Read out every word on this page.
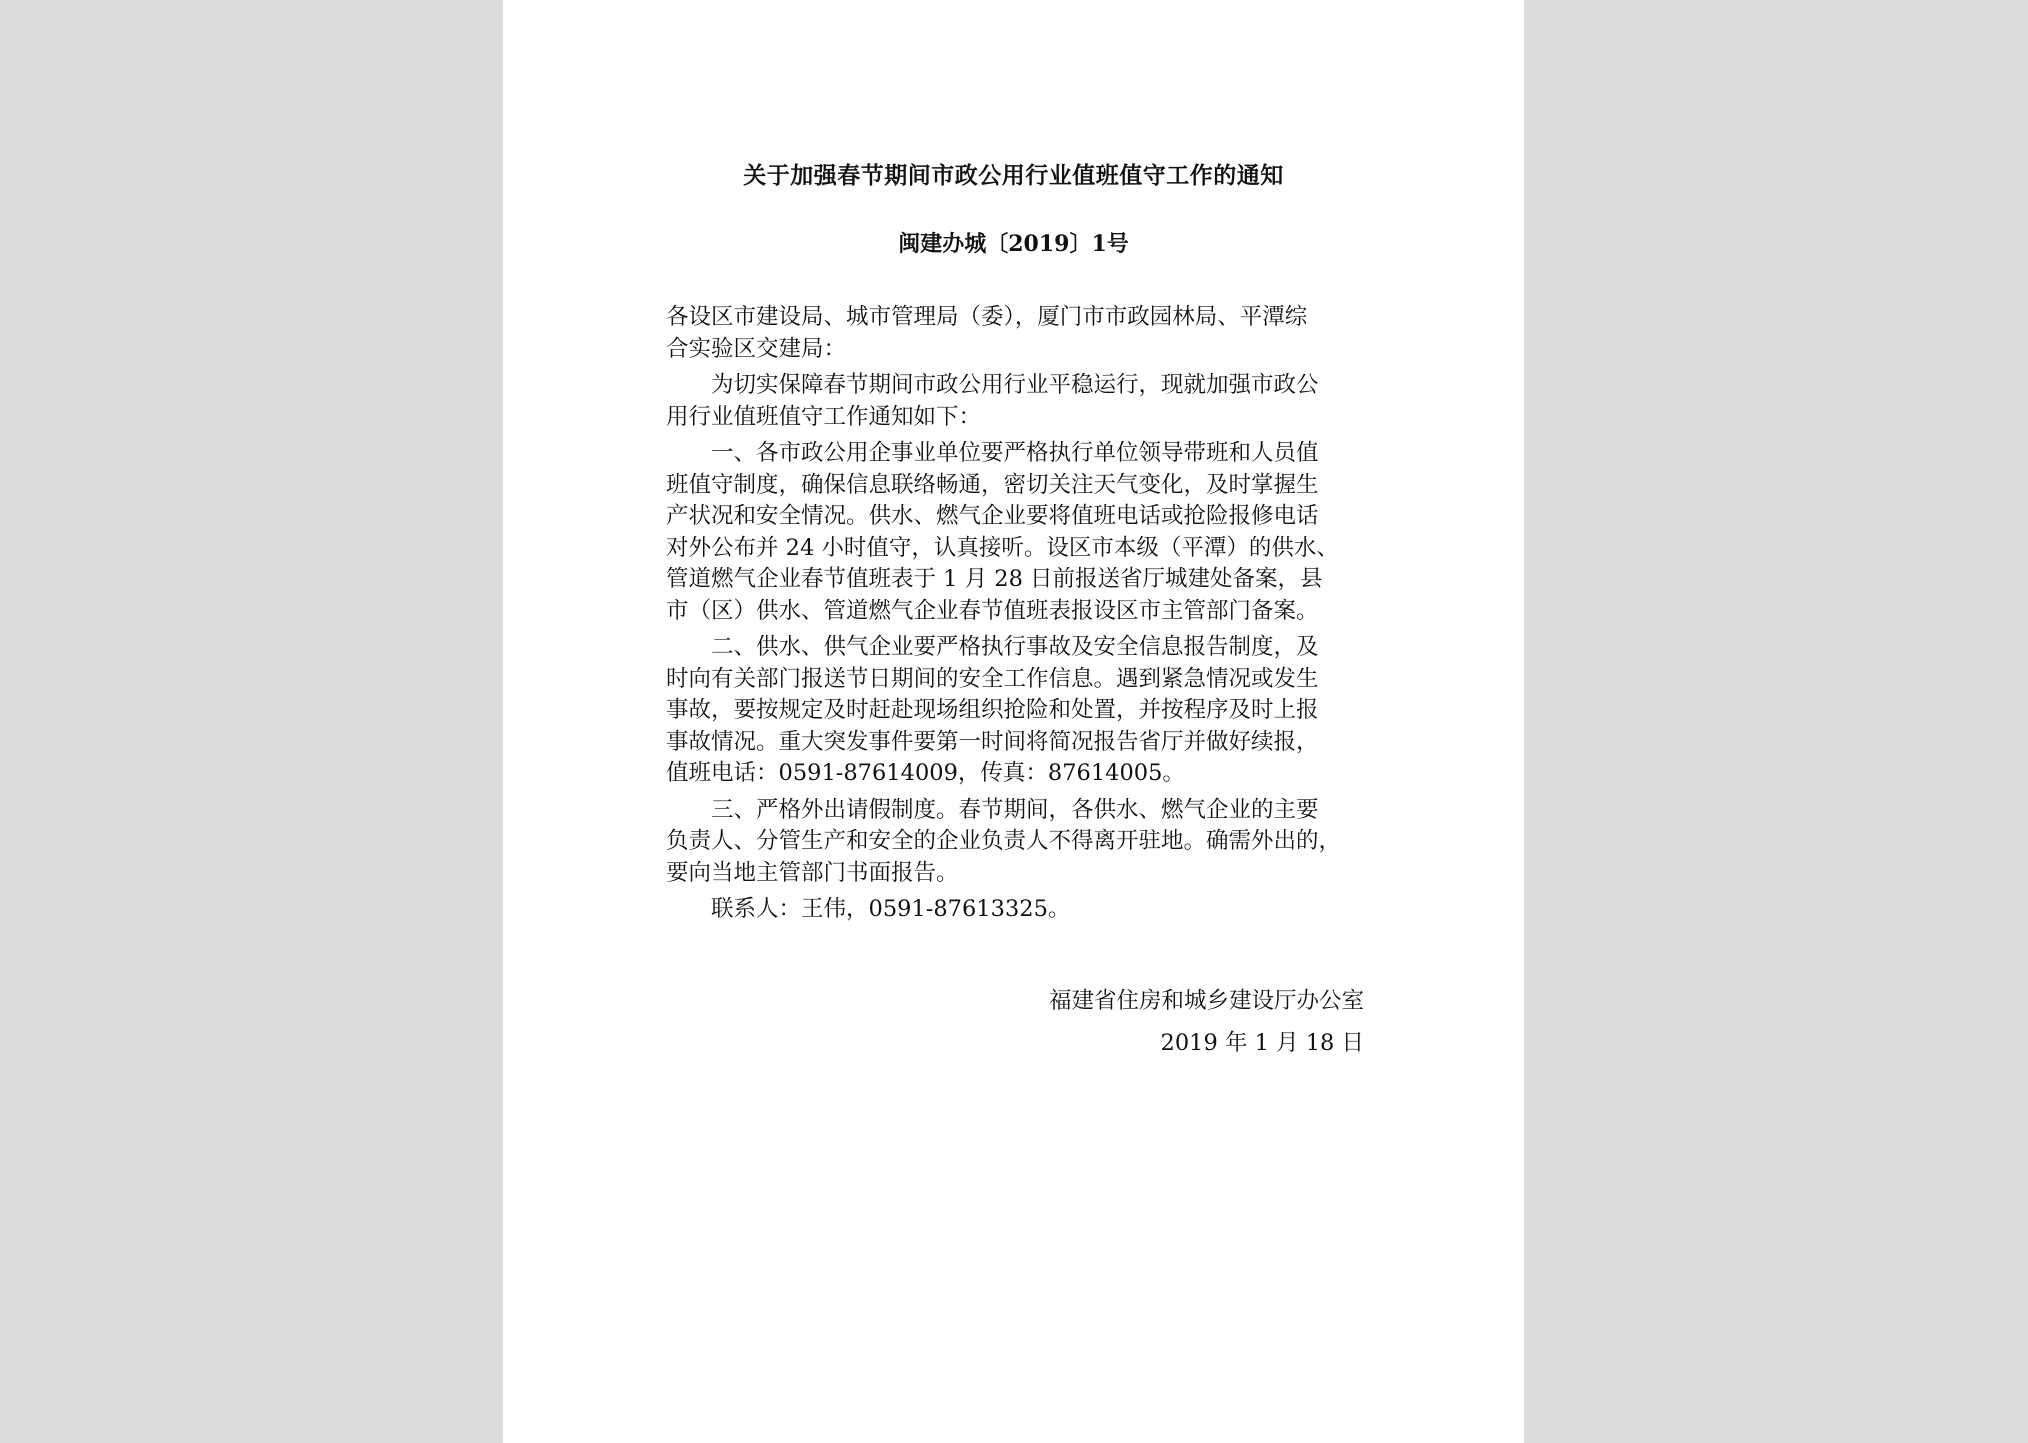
关于加强春节期间市政公用行业值班值守工作的通知
闽建办城〔2019〕1号

各设区市建设局、城市管理局（委），厦门市市政园林局、平潭综
合实验区交建局：

为切实保障春节期间市政公用行业平稳运行，现就加强市政公
用行业值班值守工作通知如下：

一、各市政公用企事业单位要严格执行单位领导带班和人员值
班值守制度，确保信息联络畅通，密切关注天气变化，及时掌握生
产状况和安全情况。供水、燃气企业要将值班电话或抢险报修电话
对外公布并 24 小时值守，认真接听。设区市本级（平潭）的供水、
管道燃气企业春节值班表于 1 月 28 日前报送省厅城建处备案，县
市（区）供水、管道燃气企业春节值班表报设区市主管部门备案。

二、供水、供气企业要严格执行事故及安全信息报告制度，及
时向有关部门报送节日期间的安全工作信息。遇到紧急情况或发生
事故，要按规定及时赶赴现场组织抢险和处置，并按程序及时上报
事故情况。重大突发事件要第一时间将简况报告省厅并做好续报，
值班电话：0591-87614009，传真：87614005。

三、严格外出请假制度。春节期间，各供水、燃气企业的主要
负责人、分管生产和安全的企业负责人不得离开驻地。确需外出的，
要向当地主管部门书面报告。

联系人：王伟，0591-87613325。

福建省住房和城乡建设厅办公室
2019 年 1 月 18 日
